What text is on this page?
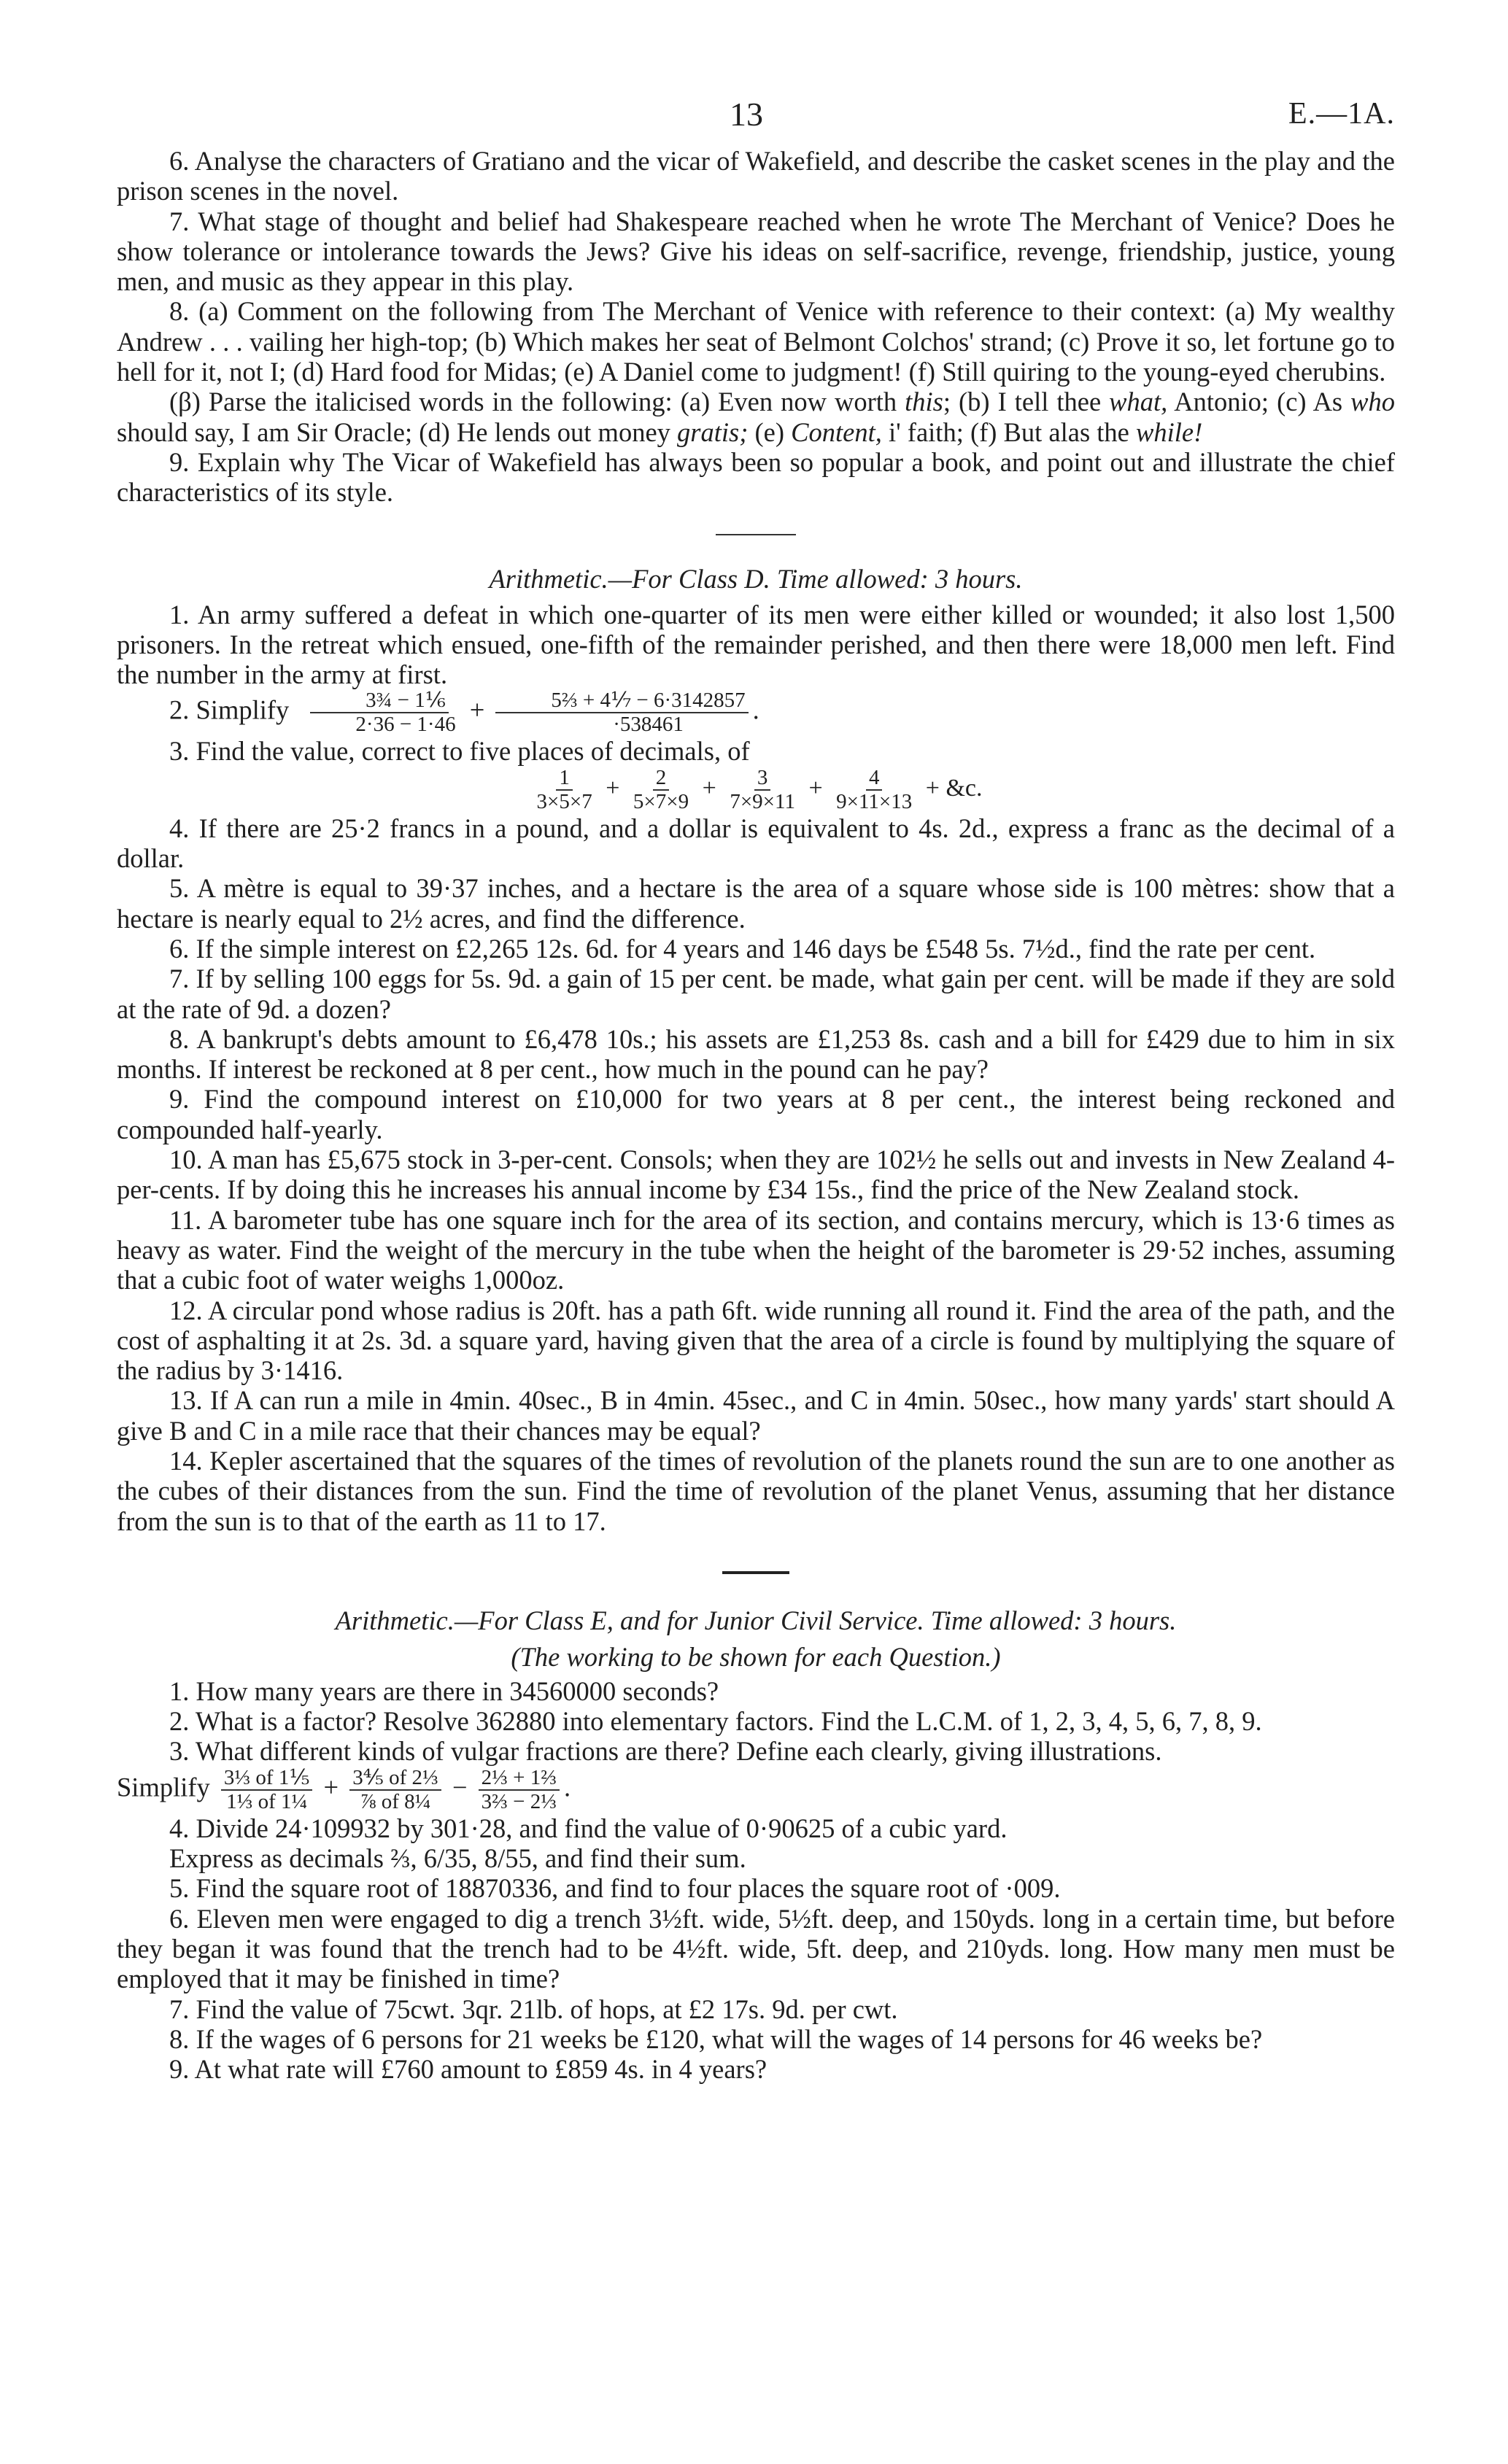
13	E.—1A.

6. Analyse the characters of Gratiano and the vicar of Wakefield, and describe the casket scenes in the play and the prison scenes in the novel.

7. What stage of thought and belief had Shakespeare reached when he wrote The Merchant of Venice? Does he show tolerance or intolerance towards the Jews? Give his ideas on self-sacrifice, revenge, friendship, justice, young men, and music as they appear in this play.

8. (a) Comment on the following from The Merchant of Venice with reference to their context: (a) My wealthy Andrew . . . vailing her high-top; (b) Which makes her seat of Belmont Colchos' strand; (c) Prove it so, let fortune go to hell for it, not I; (d) Hard food for Midas; (e) A Daniel come to judgment! (f) Still quiring to the young-eyed cherubins.

(β) Parse the italicised words in the following: (a) Even now worth this; (b) I tell thee what, Antonio; (c) As who should say, I am Sir Oracle; (d) He lends out money gratis; (e) Content, i' faith; (f) But alas the while!

9. Explain why The Vicar of Wakefield has always been so popular a book, and point out and illustrate the chief characteristics of its style.

Arithmetic.—For Class D. Time allowed: 3 hours.

1. An army suffered a defeat in which one-quarter of its men were either killed or wounded; it also lost 1,500 prisoners. In the retreat which ensued, one-fifth of the remainder perished, and then there were 18,000 men left. Find the number in the army at first.

2. Simplify $\frac{\text{3¾ − 1⅙}}{2\cdot 36 - 1\cdot 46} + \frac{\text{5⅔ + 4⅐ − 6·3142857}}{\cdot 538461}$ .

3. Find the value, correct to five places of decimals, of

$\frac{1}{3\times 5\times 7} + \frac{2}{5\times 7\times 9} + \frac{3}{7\times 9\times 11} + \frac{4}{9\times 11\times 13}$ + &c.

4. If there are 25·2 francs in a pound, and a dollar is equivalent to 4s. 2d., express a franc as the decimal of a dollar.

5. A mètre is equal to 39·37 inches, and a hectare is the area of a square whose side is 100 mètres: show that a hectare is nearly equal to 2½ acres, and find the difference.

6. If the simple interest on £2,265 12s. 6d. for 4 years and 146 days be £548 5s. 7½d., find the rate per cent.

7. If by selling 100 eggs for 5s. 9d. a gain of 15 per cent. be made, what gain per cent. will be made if they are sold at the rate of 9d. a dozen?

8. A bankrupt's debts amount to £6,478 10s.; his assets are £1,253 8s. cash and a bill for £429 due to him in six months. If interest be reckoned at 8 per cent., how much in the pound can he pay?

9. Find the compound interest on £10,000 for two years at 8 per cent., the interest being reckoned and compounded half-yearly.

10. A man has £5,675 stock in 3-per-cent. Consols; when they are 102½ he sells out and invests in New Zealand 4-per-cents. If by doing this he increases his annual income by £34 15s., find the price of the New Zealand stock.

11. A barometer tube has one square inch for the area of its section, and contains mercury, which is 13·6 times as heavy as water. Find the weight of the mercury in the tube when the height of the barometer is 29·52 inches, assuming that a cubic foot of water weighs 1,000oz.

12. A circular pond whose radius is 20ft. has a path 6ft. wide running all round it. Find the area of the path, and the cost of asphalting it at 2s. 3d. a square yard, having given that the area of a circle is found by multiplying the square of the radius by 3·1416.

13. If A can run a mile in 4min. 40sec., B in 4min. 45sec., and C in 4min. 50sec., how many yards' start should A give B and C in a mile race that their chances may be equal?

14. Kepler ascertained that the squares of the times of revolution of the planets round the sun are to one another as the cubes of their distances from the sun. Find the time of revolution of the planet Venus, assuming that her distance from the sun is to that of the earth as 11 to 17.

Arithmetic.—For Class E, and for Junior Civil Service. Time allowed: 3 hours.
(The working to be shown for each Question.)

1. How many years are there in 34560000 seconds?

2. What is a factor? Resolve 362880 into elementary factors. Find the L.C.M. of 1, 2, 3, 4, 5, 6, 7, 8, 9.

3. What different kinds of vulgar fractions are there? Define each clearly, giving illustrations.

Simplify $\frac{\text{3⅓ of 1⅕}}{\text{1⅓ of 1¼}} + \frac{\text{3⅘ of 2⅓}}{\text{⅞ of 8¼}} - \frac{\text{2⅓ + 1⅔}}{\text{3⅔ − 2⅓}}$ .

4. Divide 24·109932 by 301·28, and find the value of 0·90625 of a cubic yard.

Express as decimals ⅔, 6/35, 8/55, and find their sum.

5. Find the square root of 18870336, and find to four places the square root of ·009.

6. Eleven men were engaged to dig a trench 3½ft. wide, 5½ft. deep, and 150yds. long in a certain time, but before they began it was found that the trench had to be 4½ft. wide, 5ft. deep, and 210yds. long. How many men must be employed that it may be finished in time?

7. Find the value of 75cwt. 3qr. 21lb. of hops, at £2 17s. 9d. per cwt.

8. If the wages of 6 persons for 21 weeks be £120, what will the wages of 14 persons for 46 weeks be?

9. At what rate will £760 amount to £859 4s. in 4 years?
